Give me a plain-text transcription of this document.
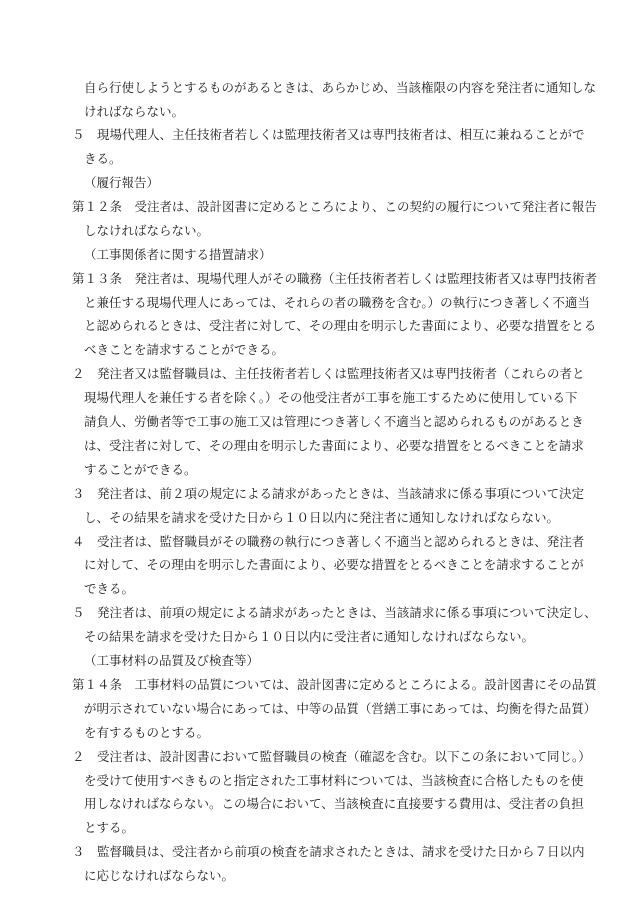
自ら行使しようとするものがあるときは、あらかじめ、当該権限の内容を発注者に通知しな
ければならない。
５　現場代理人、主任技術者若しくは監理技術者又は専門技術者は、相互に兼ねることがで
きる。
（履行報告）
第１２条　受注者は、設計図書に定めるところにより、この契約の履行について発注者に報告
しなければならない。
（工事関係者に関する措置請求）
第１３条　発注者は、現場代理人がその職務（主任技術者若しくは監理技術者又は専門技術者
と兼任する現場代理人にあっては、それらの者の職務を含む。）の執行につき著しく不適当
と認められるときは、受注者に対して、その理由を明示した書面により、必要な措置をとる
べきことを請求することができる。
２　発注者又は監督職員は、主任技術者若しくは監理技術者又は専門技術者（これらの者と
現場代理人を兼任する者を除く。）その他受注者が工事を施工するために使用している下
請負人、労働者等で工事の施工又は管理につき著しく不適当と認められるものがあるとき
は、受注者に対して、その理由を明示した書面により、必要な措置をとるべきことを請求
することができる。
３　発注者は、前２項の規定による請求があったときは、当該請求に係る事項について決定
し、その結果を請求を受けた日から１０日以内に発注者に通知しなければならない。
４　受注者は、監督職員がその職務の執行につき著しく不適当と認められるときは、発注者
に対して、その理由を明示した書面により、必要な措置をとるべきことを請求することが
できる。
５　発注者は、前項の規定による請求があったときは、当該請求に係る事項について決定し、
その結果を請求を受けた日から１０日以内に受注者に通知しなければならない。
（工事材料の品質及び検査等）
第１４条　工事材料の品質については、設計図書に定めるところによる。設計図書にその品質
が明示されていない場合にあっては、中等の品質（営繕工事にあっては、均衡を得た品質）
を有するものとする。
２　受注者は、設計図書において監督職員の検査（確認を含む。以下この条において同じ。）
を受けて使用すべきものと指定された工事材料については、当該検査に合格したものを使
用しなければならない。この場合において、当該検査に直接要する費用は、受注者の負担
とする。
３　監督職員は、受注者から前項の検査を請求されたときは、請求を受けた日から７日以内
に応じなければならない。
